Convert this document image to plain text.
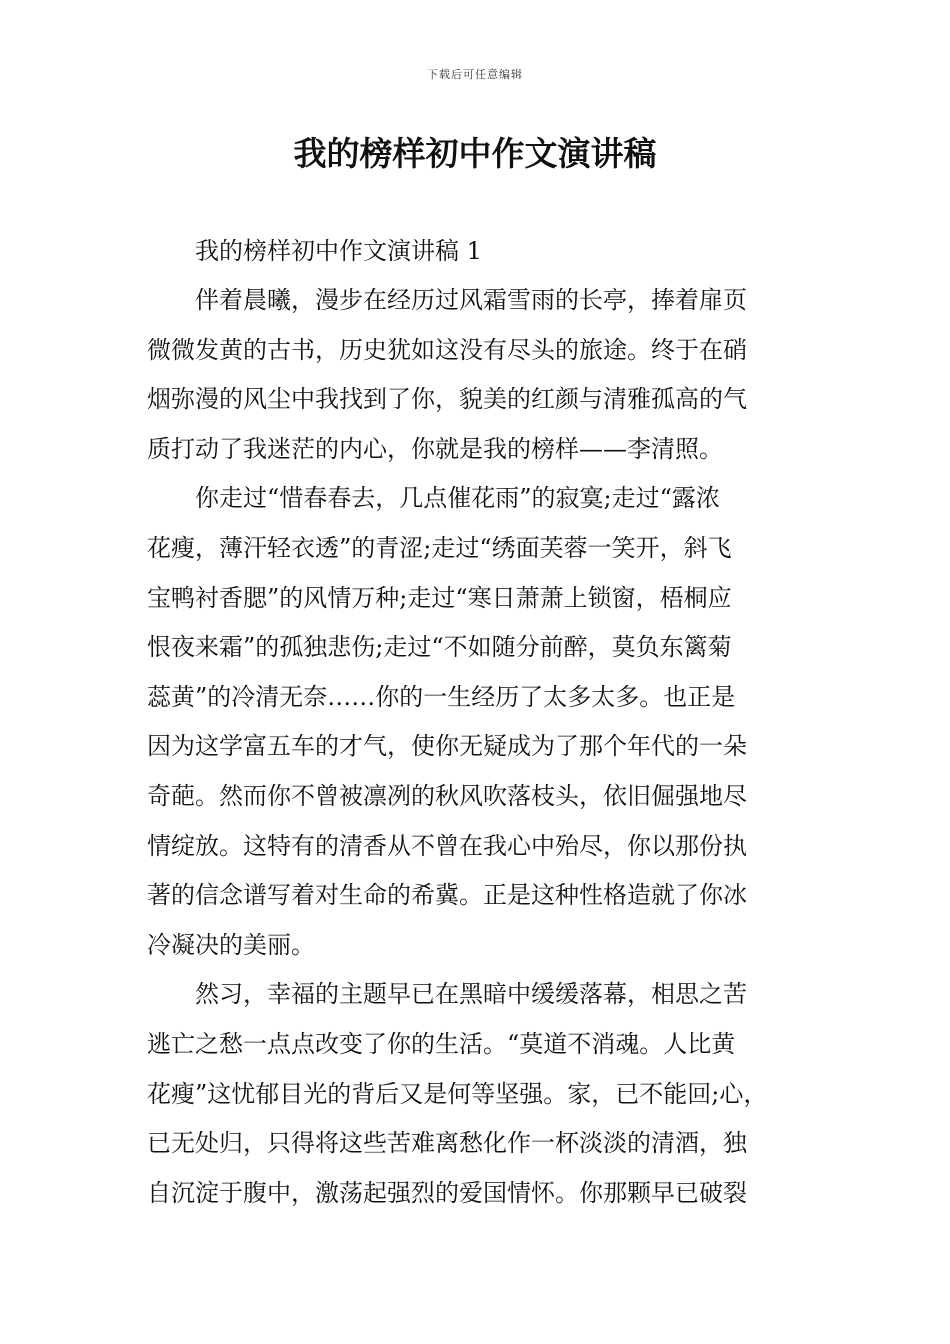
下载后可任意编辑
我的榜样初中作文演讲稿

我的榜样初中作文演讲稿 1

伴着晨曦，漫步在经历过风霜雪雨的长亭，捧着扉页
微微发黄的古书，历史犹如这没有尽头的旅途。终于在硝
烟弥漫的风尘中我找到了你，貌美的红颜与清雅孤高的气
质打动了我迷茫的内心，你就是我的榜样——李清照。

你走过“惜春春去，几点催花雨”的寂寞;走过“露浓
花瘦，薄汗轻衣透”的青涩;走过“绣面芙蓉一笑开，斜飞
宝鸭衬香腮”的风情万种;走过“寒日萧萧上锁窗，梧桐应
恨夜来霜”的孤独悲伤;走过“不如随分前醉，莫负东篱菊
蕊黄”的冷清无奈……你的一生经历了太多太多。也正是
因为这学富五车的才气，使你无疑成为了那个年代的一朵
奇葩。然而你不曾被凛冽的秋风吹落枝头，依旧倔强地尽
情绽放。这特有的清香从不曾在我心中殆尽，你以那份执
著的信念谱写着对生命的希冀。正是这种性格造就了你冰
冷凝决的美丽。

然习，幸福的主题早已在黑暗中缓缓落幕，相思之苦
逃亡之愁一点点改变了你的生活。“莫道不消魂。人比黄
花瘦”这忧郁目光的背后又是何等坚强。家，已不能回;心，
已无处归，只得将这些苦难离愁化作一杯淡淡的清酒，独
自沉淀于腹中，激荡起强烈的爱国情怀。你那颗早已破裂
